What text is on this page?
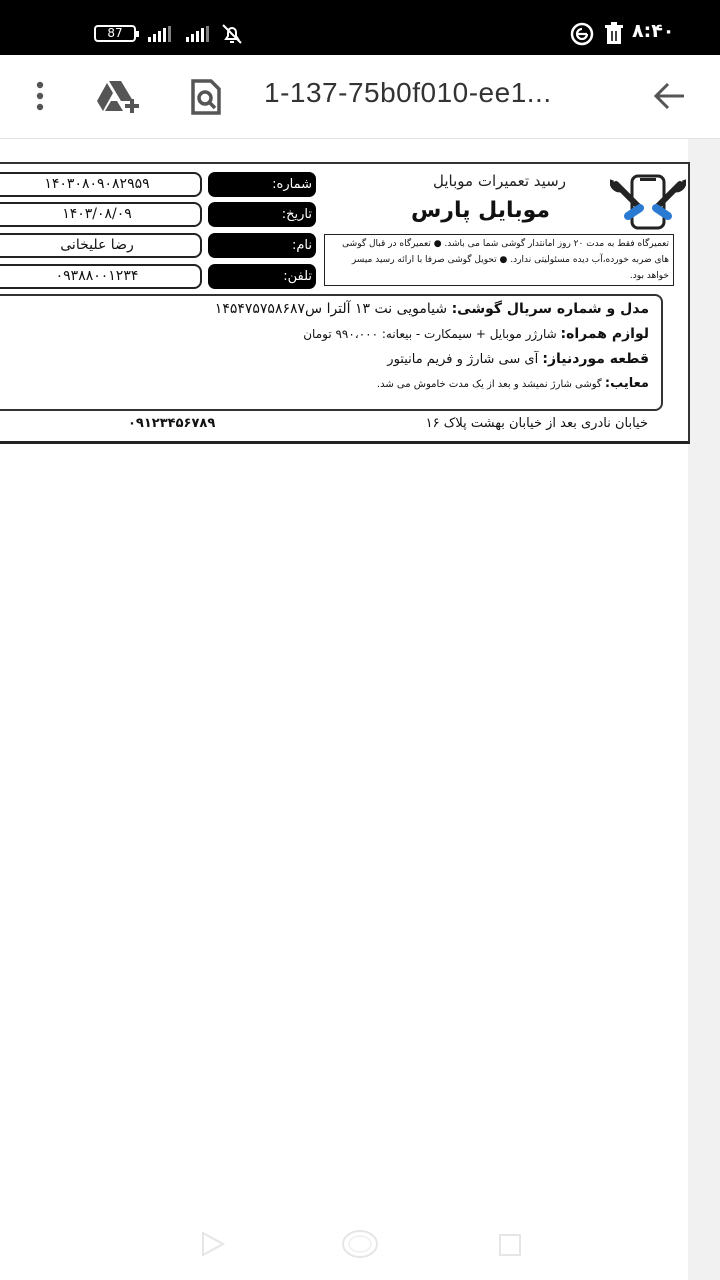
87	۸:۴۰
1-137-75b0f010-ee1...
رسید تعمیرات موبایل
موبایل پارس
تعمیرگاه فقط به مدت ۲۰ روز امانتدار گوشی شما می باشد. ● تعمیرگاه در قبال گوشی های ضربه خورده،آب دیده مسئولیتی ندارد. ● تحویل گوشی صرفا با ارائه رسید میسر خواهد بود.
شماره:
۱۴۰۳۰۸۰۹۰۸۲۹۵۹
تاریخ:
۱۴۰۳/۰۸/۰۹
نام:
رضا علیخانی
تلفن:
۰۹۳۸۸۰۰۱۲۳۴
مدل و شماره سریال گوشی: شیامویی نت ۱۳ آلترا س۱۴۵۴۷۵۷۵۸۶۸۷
لوازم همراه: شارژر موبایل + سیمکارت - بیعانه: ۹۹۰،۰۰۰ تومان
قطعه موردنیاز: آی سی شارژ و فریم مانیتور
معایب: گوشی شارژ نمیشد و بعد از یک مدت خاموش می شد.
خیابان نادری بعد از خیابان بهشت پلاک ۱۶
۰۹۱۲۳۴۵۶۷۸۹
